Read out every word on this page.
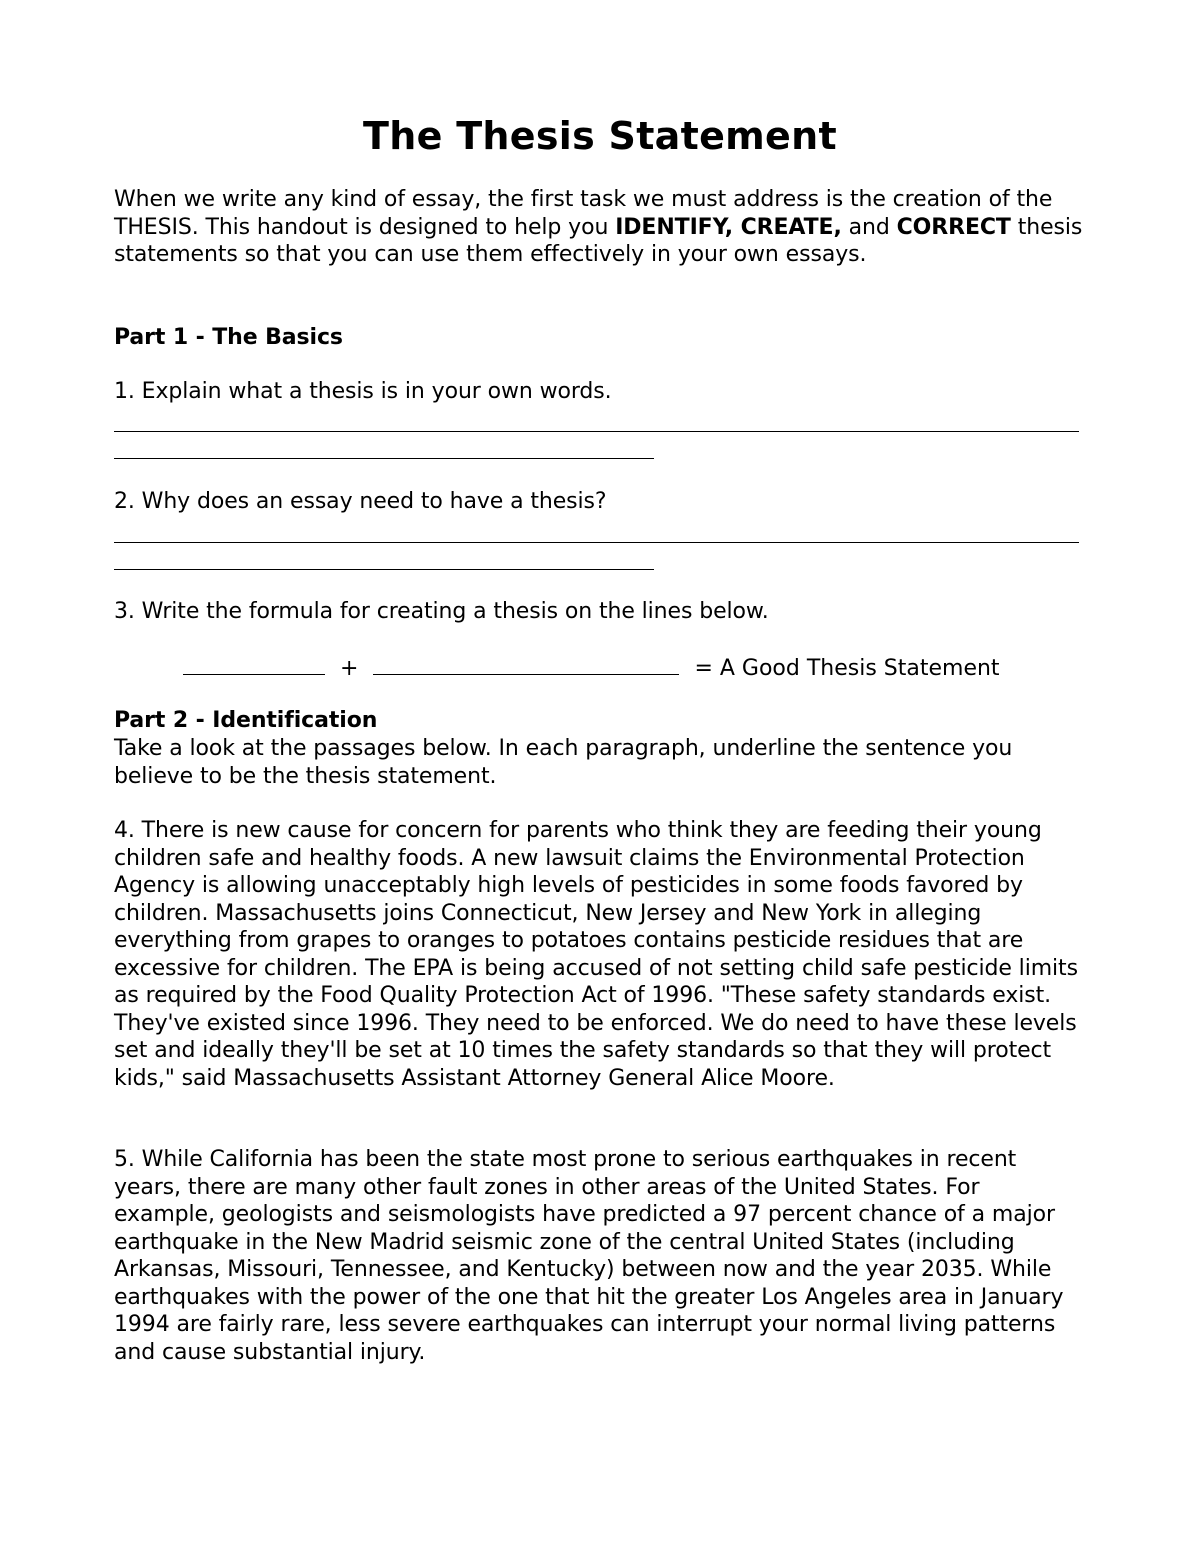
The Thesis Statement
When we write any kind of essay, the first task we must address is the creation of the THESIS. This handout is designed to help you IDENTIFY, CREATE, and CORRECT thesis statements so that you can use them effectively in your own essays.
Part 1 - The Basics
1. Explain what a thesis is in your own words.
2. Why does an essay need to have a thesis?
3. Write the formula for creating a thesis on the lines below.
+	= A Good Thesis Statement
Part 2 - Identification
Take a look at the passages below. In each paragraph, underline the sentence you believe to be the thesis statement.
4. There is new cause for concern for parents who think they are feeding their young children safe and healthy foods. A new lawsuit claims the Environmental Protection Agency is allowing unacceptably high levels of pesticides in some foods favored by children. Massachusetts joins Connecticut, New Jersey and New York in alleging everything from grapes to oranges to potatoes contains pesticide residues that are excessive for children. The EPA is being accused of not setting child safe pesticide limits as required by the Food Quality Protection Act of 1996. "These safety standards exist. They've existed since 1996. They need to be enforced. We do need to have these levels set and ideally they'll be set at 10 times the safety standards so that they will protect kids," said Massachusetts Assistant Attorney General Alice Moore.
5. While California has been the state most prone to serious earthquakes in recent years, there are many other fault zones in other areas of the United States. For example, geologists and seismologists have predicted a 97 percent chance of a major earthquake in the New Madrid seismic zone of the central United States (including Arkansas, Missouri, Tennessee, and Kentucky) between now and the year 2035. While earthquakes with the power of the one that hit the greater Los Angeles area in January 1994 are fairly rare, less severe earthquakes can interrupt your normal living patterns and cause substantial injury.
